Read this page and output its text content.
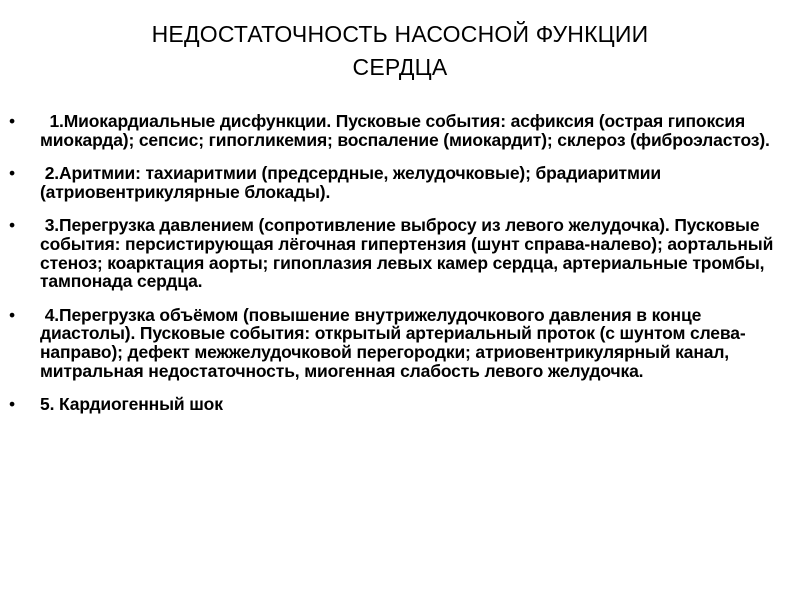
НЕДОСТАТОЧНОСТЬ НАСОСНОЙ ФУНКЦИИ
СЕРДЦА
• 1.Миокардиальные дисфункции. Пусковые события: асфиксия (острая гипоксия миокарда); сепсис; гипогликемия; воспаление (миокардит); склероз (фиброэластоз).
• 2.Аритмии: тахиаритмии (предсердные, желудочковые); брадиаритмии (атриовентрикулярные блокады).
• 3.Перегрузка давлением (сопротивление выбросу из левого желудочка). Пусковые события: персистирующая лёгочная гипертензия (шунт справа-налево); аортальный стеноз; коарктация аорты; гипоплазия левых камер сердца, артериальные тромбы, тампонада сердца.
• 4.Перегрузка объёмом (повышение внутрижелудочкового давления в конце диастолы). Пусковые события: открытый артериальный проток (с шунтом слева-направо); дефект межжелудочковой перегородки; атриовентрикулярный канал, митральная недостаточность, миогенная слабость левого желудочка.
• 5. Кардиогенный шок
